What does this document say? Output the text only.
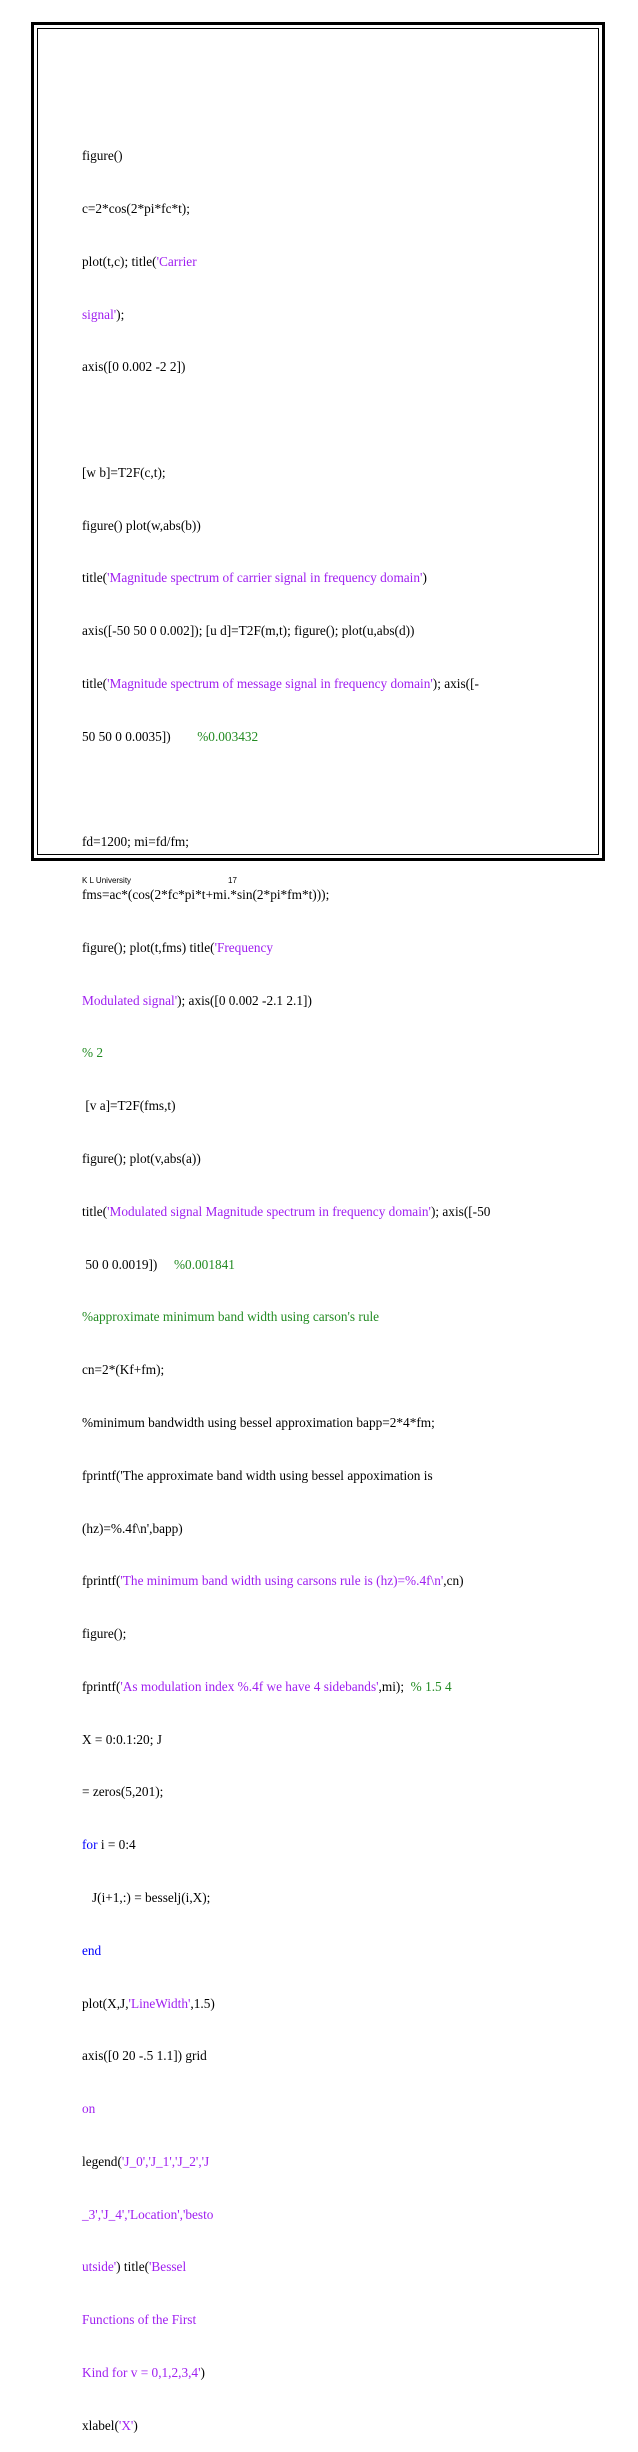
figure()

c=2*cos(2*pi*fc*t);

plot(t,c); title('Carrier

signal');

axis([0 0.002 -2 2])

[w b]=T2F(c,t);

figure() plot(w,abs(b))

title('Magnitude spectrum of carrier signal in frequency domain')

axis([-50 50 0 0.002]); [u d]=T2F(m,t); figure(); plot(u,abs(d))

title('Magnitude spectrum of message signal in frequency domain'); axis([-

50 50 0 0.0035])        %0.003432

fd=1200; mi=fd/fm;

fms=ac*(cos(2*fc*pi*t+mi.*sin(2*pi*fm*t)));

figure(); plot(t,fms) title('Frequency

Modulated signal'); axis([0 0.002 -2.1 2.1])

% 2

[v a]=T2F(fms,t)

figure(); plot(v,abs(a))

title('Modulated signal Magnitude spectrum in frequency domain'); axis([-50

50 0 0.0019])     %0.001841

%approximate minimum band width using carson's rule

cn=2*(Kf+fm);

%minimum bandwidth using bessel approximation bapp=2*4*fm;

fprintf('The approximate band width using bessel appoximation is

(hz)=%.4f\n',bapp)

fprintf('The minimum band width using carsons rule is (hz)=%.4f\n',cn)

figure();

fprintf('As modulation index %.4f we have 4 sidebands',mi);  % 1.5 4

X = 0:0.1:20; J

= zeros(5,201);

for i = 0:4

J(i+1,:) = besselj(i,X);

end

plot(X,J,'LineWidth',1.5)

axis([0 20 -.5 1.1]) grid

on

legend('J_0','J_1','J_2','J

_3','J_4','Location','besto

utside') title('Bessel

Functions of the First

Kind for v = 0,1,2,3,4')

xlabel('X')

K L University	17
